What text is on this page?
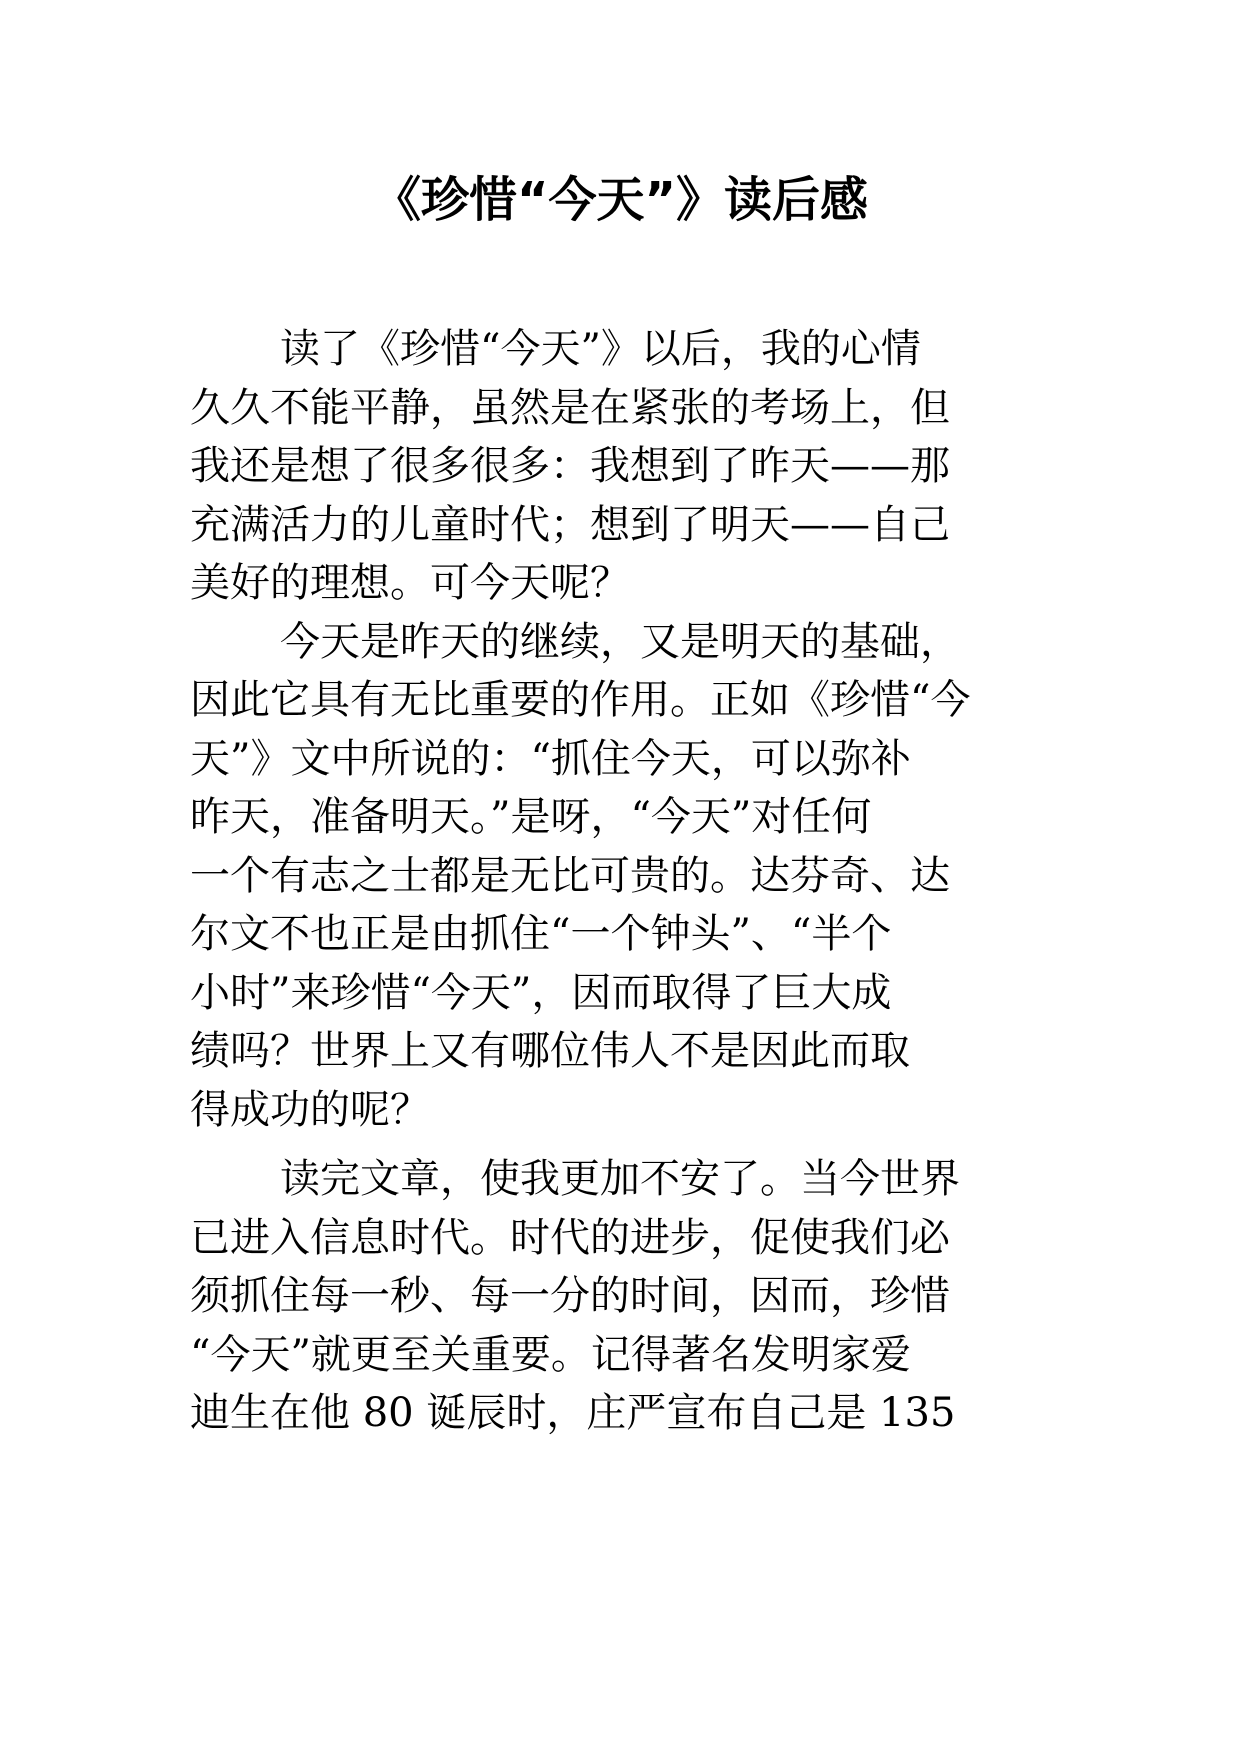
《珍惜“今天”》读后感
读了《珍惜“今天”》以后，我的心情
久久不能平静，虽然是在紧张的考场上，但
我还是想了很多很多：我想到了昨天——那
充满活力的儿童时代；想到了明天——自己
美好的理想。可今天呢？
今天是昨天的继续，又是明天的基础，
因此它具有无比重要的作用。正如《珍惜“今
天”》文中所说的：“抓住今天，可以弥补
昨天，准备明天。”是呀，“今天”对任何
一个有志之士都是无比可贵的。达芬奇、达
尔文不也正是由抓住“一个钟头”、“半个
小时”来珍惜“今天”，因而取得了巨大成
绩吗？世界上又有哪位伟人不是因此而取
得成功的呢？
读完文章，使我更加不安了。当今世界
已进入信息时代。时代的进步，促使我们必
须抓住每一秒、每一分的时间，因而，珍惜
“今天”就更至关重要。记得著名发明家爱
迪生在他 80 诞辰时，庄严宣布自己是 135
